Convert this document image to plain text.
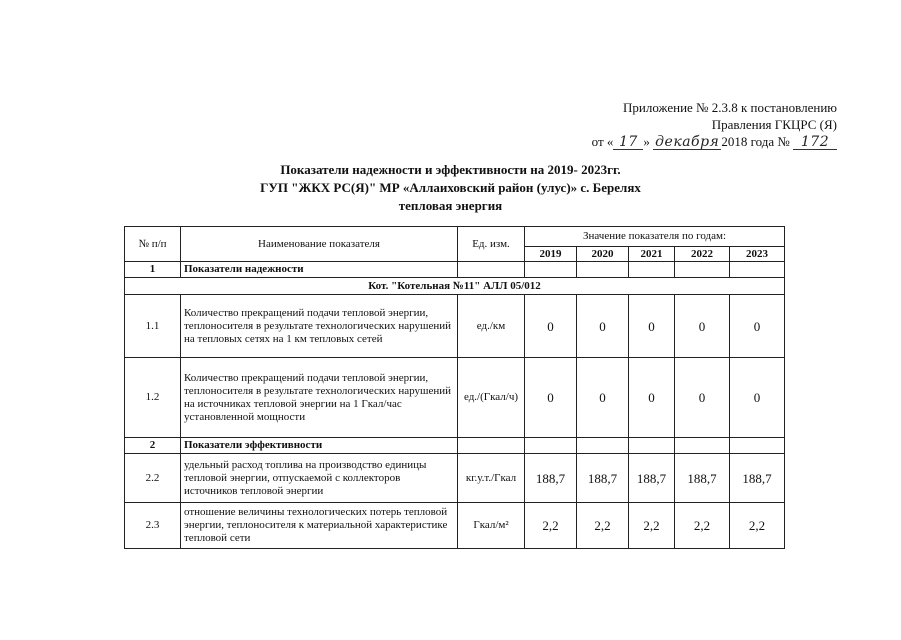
Приложение № 2.3.8 к постановлению
Правления ГКЦРС (Я)
от « 17 » декабря 2018 года № 172
Показатели надежности и эффективности на 2019- 2023гг.
ГУП "ЖКХ РС(Я)" МР «Аллаиховский район (улус)» с. Берелях
тепловая энергия
№ п/п	Наименование показателя	Ед. изм.	Значение показателя по годам:				
			2019	2020	2021	2022	2023
1	Показатели надежности						
Кот. "Котельная №11" АЛЛ 05/012							
1.1	Количество прекращений подачи тепловой энергии, теплоносителя в результате технологических нарушений на тепловых сетях на 1 км тепловых сетей	ед./км	0	0	0	0	0
1.2	Количество прекращений подачи тепловой энергии, теплоносителя в результате технологических нарушений на источниках тепловой энергии на 1 Гкал/час установленной мощности	ед./(Гкал/ч)	0	0	0	0	0
2	Показатели эффективности						
2.2	удельный расход топлива на производство единицы тепловой энергии, отпускаемой с коллекторов источников тепловой энергии	кг.у.т./Гкал	188,7	188,7	188,7	188,7	188,7
2.3	отношение величины технологических потерь тепловой энергии, теплоносителя к материальной характеристике тепловой сети	Гкал/м²	2,2	2,2	2,2	2,2	2,2
